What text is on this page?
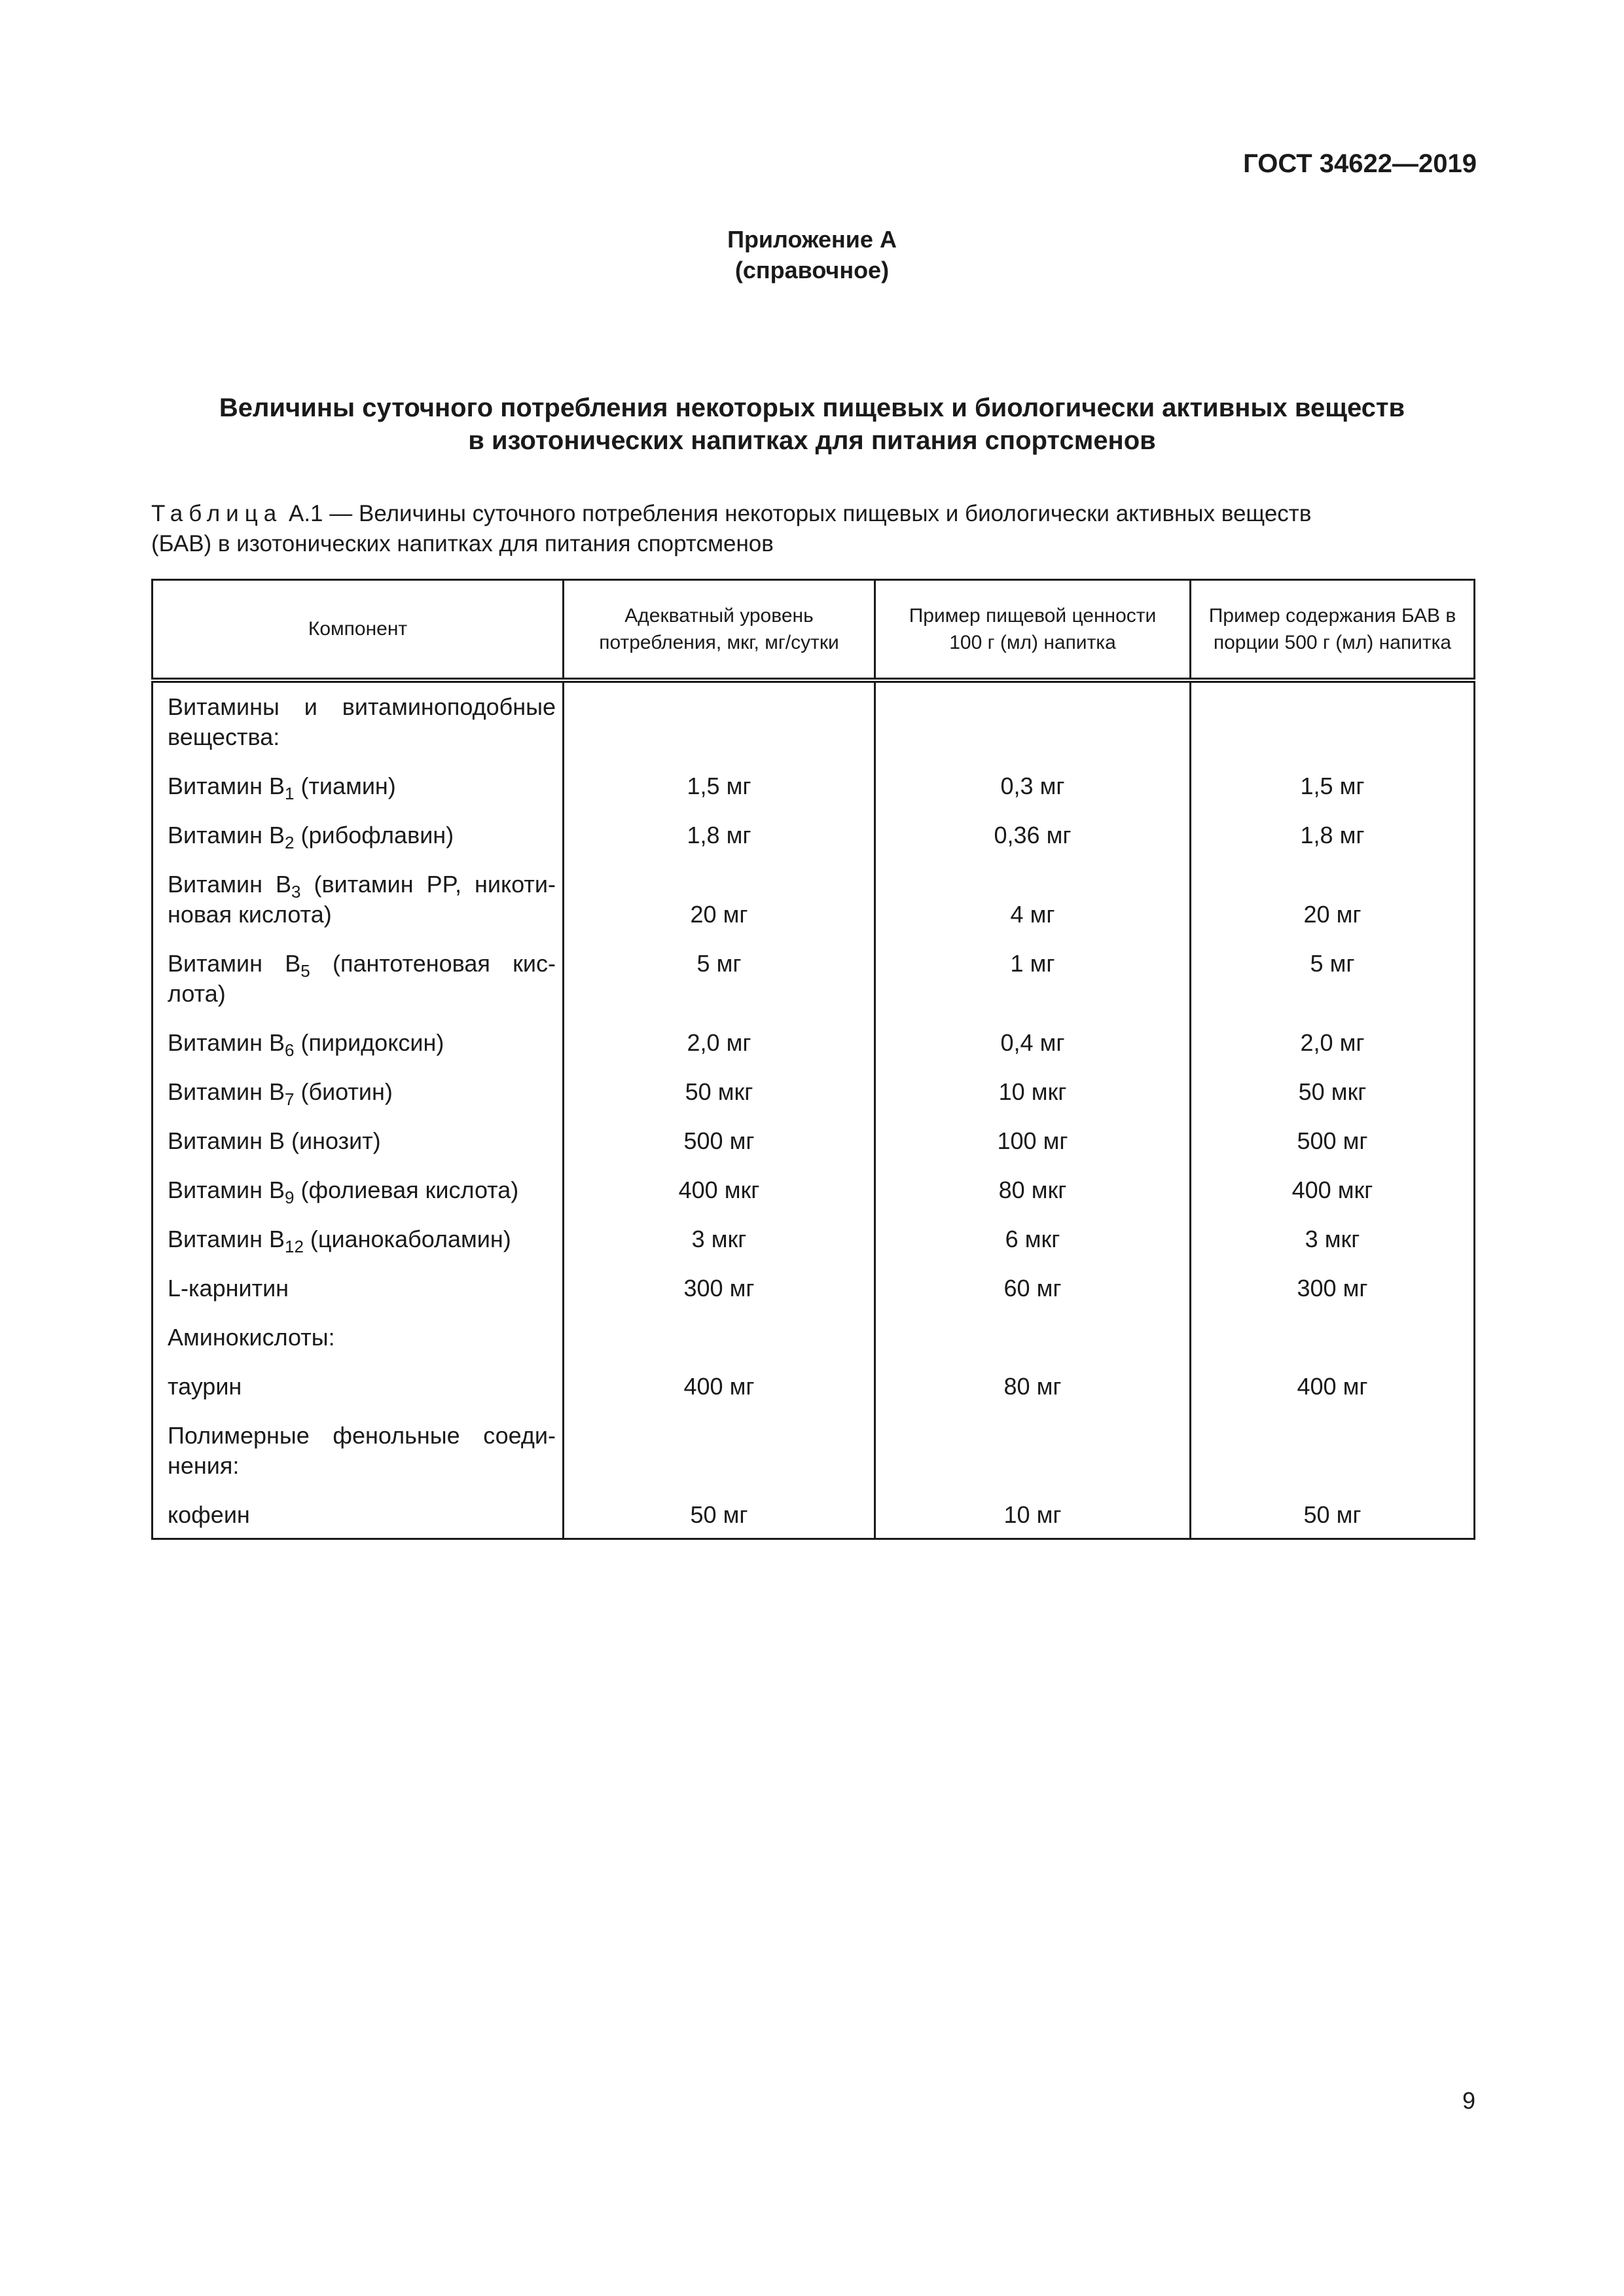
ГОСТ 34622—2019

Приложение А
(справочное)
Величины суточного потребления некоторых пищевых и биологически активных веществ
в изотонических напитках для питания спортсменов
Таблица А.1 — Величины суточного потребления некоторых пищевых и биологически активных веществ
(БАВ) в изотонических напитках для питания спортсменов
Компонент	Адекватный уровень потребления, мкг, мг/сутки	Пример пищевой ценности 100 г (мл) напитка	Пример содержания БАВ в порции 500 г (мл) напитка
Витамины и витаминоподобные вещества:			
Витамин $B_1$ (тиамин)	1,5 мг	0,3 мг	1,5 мг
Витамин $B_2$ (рибофлавин)	1,8 мг	0,36 мг	1,8 мг
Витамин $B_3$ (витамин PP, никоти-новая кислота)	20 мг	4 мг	20 мг
Витамин $B_5$ (пантотеновая кис-лота)	5 мг	1 мг	5 мг
Витамин $B_6$ (пиридоксин)	2,0 мг	0,4 мг	2,0 мг
Витамин $B_7$ (биотин)	50 мкг	10 мкг	50 мкг
Витамин B (инозит)	500 мг	100 мг	500 мг
Витамин $B_9$ (фолиевая кислота)	400 мкг	80 мкг	400 мкг
Витамин $B_{12}$ (цианокаболамин)	3 мкг	6 мкг	3 мкг
L-карнитин	300 мг	60 мг	300 мг
Аминокислоты:			
таурин	400 мг	80 мг	400 мг
Полимерные фенольные соеди-нения:			
кофеин	50 мг	10 мг	50 мг

9
